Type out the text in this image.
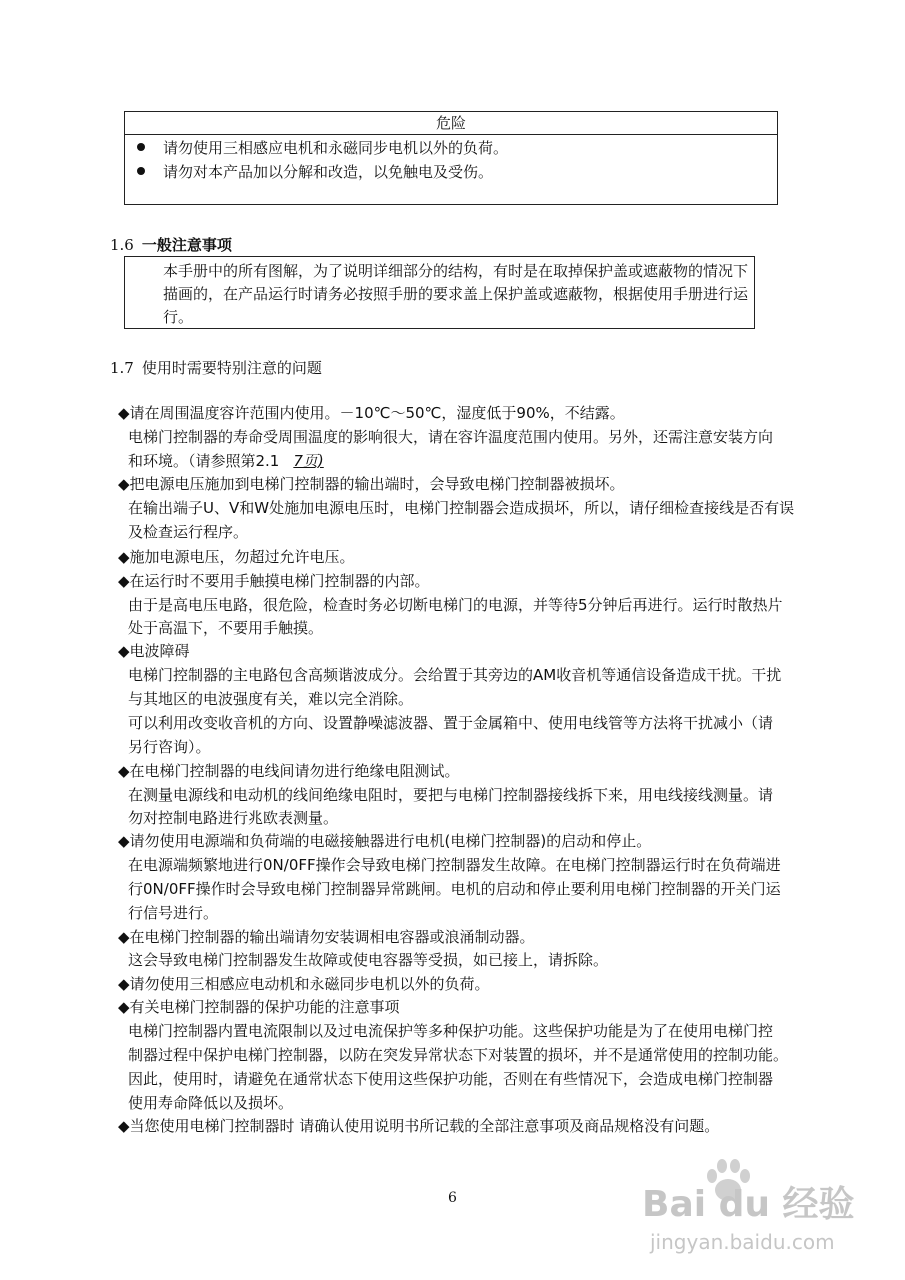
危险
请勿使用三相感应电机和永磁同步电机以外的负荷。
请勿对本产品加以分解和改造，以免触电及受伤。
1.6 一般注意事项

本手册中的所有图解，为了说明详细部分的结构，有时是在取掉保护盖或遮蔽物的情况下描画的，在产品运行时请务必按照手册的要求盖上保护盖或遮蔽物，根据使用手册进行运行。

1.7 使用时需要特别注意的问题
◆请在周围温度容许范围内使用。－10℃～50℃，湿度低于90%，不结露。
电梯门控制器的寿命受周围温度的影响很大，请在容许温度范围内使用。另外，还需注意安装方向
和环境。（请参照第2.1 7页)
◆把电源电压施加到电梯门控制器的输出端时，会导致电梯门控制器被损坏。
在输出端子U、V和W处施加电源电压时，电梯门控制器会造成损坏，所以，请仔细检查接线是否有误
及检查运行程序。
◆施加电源电压，勿超过允许电压。
◆在运行时不要用手触摸电梯门控制器的内部。
由于是高电压电路，很危险，检查时务必切断电梯门的电源，并等待5分钟后再进行。运行时散热片
处于高温下，不要用手触摸。
◆电波障碍
电梯门控制器的主电路包含高频谐波成分。会给置于其旁边的AM收音机等通信设备造成干扰。干扰
与其地区的电波强度有关，难以完全消除。
可以利用改变收音机的方向、设置静噪滤波器、置于金属箱中、使用电线管等方法将干扰减小（请
另行咨询）。
◆在电梯门控制器的电线间请勿进行绝缘电阻测试。
在测量电源线和电动机的线间绝缘电阻时，要把与电梯门控制器接线拆下来，用电线接线测量。请
勿对控制电路进行兆欧表测量。
◆请勿使用电源端和负荷端的电磁接触器进行电机(电梯门控制器)的启动和停止。
在电源端频繁地进行0N/0FF操作会导致电梯门控制器发生故障。在电梯门控制器运行时在负荷端进
行0N/0FF操作时会导致电梯门控制器异常跳闸。电机的启动和停止要利用电梯门控制器的开关门运
行信号进行。
◆在电梯门控制器的输出端请勿安装调相电容器或浪涌制动器。
这会导致电梯门控制器发生故障或使电容器等受损，如已接上，请拆除。
◆请勿使用三相感应电动机和永磁同步电机以外的负荷。
◆有关电梯门控制器的保护功能的注意事项
电梯门控制器内置电流限制以及过电流保护等多种保护功能。这些保护功能是为了在使用电梯门控
制器过程中保护电梯门控制器，以防在突发异常状态下对装置的损坏，并不是通常使用的控制功能。
因此，使用时，请避免在通常状态下使用这些保护功能，否则在有些情况下，会造成电梯门控制器
使用寿命降低以及损坏。
◆当您使用电梯门控制器时 请确认使用说明书所记载的全部注意事项及商品规格没有问题。
6	Bai du 经验
jingyan.baidu.com
